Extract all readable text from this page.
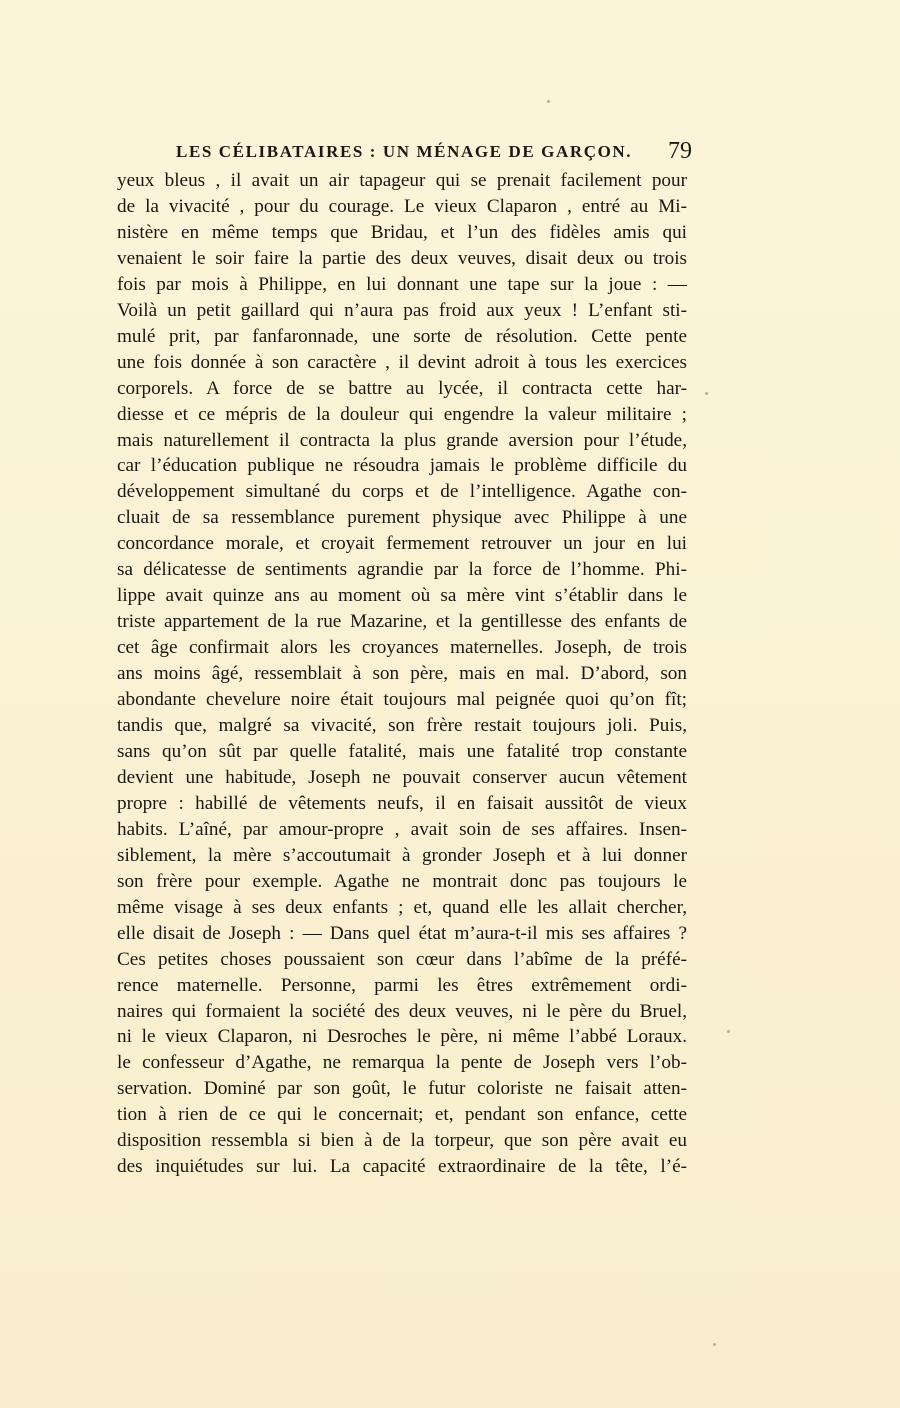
LES CÉLIBATAIRES : UN MÉNAGE DE GARÇON. 79
yeux bleus , il avait un air tapageur qui se prenait facilement pour
de la vivacité , pour du courage. Le vieux Claparon , entré au Mi-
nistère en même temps que Bridau, et l’un des fidèles amis qui
venaient le soir faire la partie des deux veuves, disait deux ou trois
fois par mois à Philippe, en lui donnant une tape sur la joue : —
Voilà un petit gaillard qui n’aura pas froid aux yeux ! L’enfant sti-
mulé prit, par fanfaronnade, une sorte de résolution. Cette pente
une fois donnée à son caractère , il devint adroit à tous les exercices
corporels. A force de se battre au lycée, il contracta cette har-
diesse et ce mépris de la douleur qui engendre la valeur militaire ;
mais naturellement il contracta la plus grande aversion pour l’étude,
car l’éducation publique ne résoudra jamais le problème difficile du
développement simultané du corps et de l’intelligence. Agathe con-
cluait de sa ressemblance purement physique avec Philippe à une
concordance morale, et croyait fermement retrouver un jour en lui
sa délicatesse de sentiments agrandie par la force de l’homme. Phi-
lippe avait quinze ans au moment où sa mère vint s’établir dans le
triste appartement de la rue Mazarine, et la gentillesse des enfants de
cet âge confirmait alors les croyances maternelles. Joseph, de trois
ans moins âgé, ressemblait à son père, mais en mal. D’abord, son
abondante chevelure noire était toujours mal peignée quoi qu’on fît;
tandis que, malgré sa vivacité, son frère restait toujours joli. Puis,
sans qu’on sût par quelle fatalité, mais une fatalité trop constante
devient une habitude, Joseph ne pouvait conserver aucun vêtement
propre : habillé de vêtements neufs, il en faisait aussitôt de vieux
habits. L’aîné, par amour-propre , avait soin de ses affaires. Insen-
siblement, la mère s’accoutumait à gronder Joseph et à lui donner
son frère pour exemple. Agathe ne montrait donc pas toujours le
même visage à ses deux enfants ; et, quand elle les allait chercher,
elle disait de Joseph : — Dans quel état m’aura-t-il mis ses affaires ?
Ces petites choses poussaient son cœur dans l’abîme de la préfé-
rence maternelle. Personne, parmi les êtres extrêmement ordi-
naires qui formaient la société des deux veuves, ni le père du Bruel,
ni le vieux Claparon, ni Desroches le père, ni même l’abbé Loraux.
le confesseur d’Agathe, ne remarqua la pente de Joseph vers l’ob-
servation. Dominé par son goût, le futur coloriste ne faisait atten-
tion à rien de ce qui le concernait; et, pendant son enfance, cette
disposition ressembla si bien à de la torpeur, que son père avait eu
des inquiétudes sur lui. La capacité extraordinaire de la tête, l’é-
